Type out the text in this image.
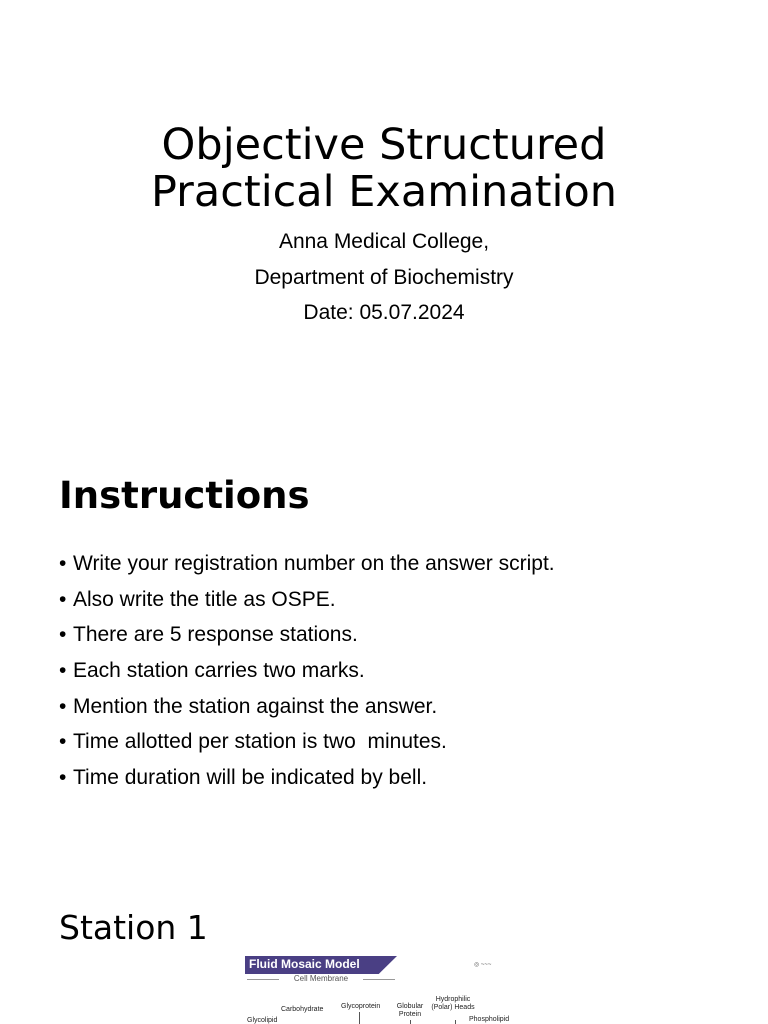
Objective Structured
Practical Examination
Anna Medical College,
Department of Biochemistry
Date: 05.07.2024
Instructions
• Write your registration number on the answer script.
• Also write the title as OSPE.
• There are 5 response stations.
• Each station carries two marks.
• Mention the station against the answer.
• Time allotted per station is two  minutes.
• Time duration will be indicated by bell.
Station 1
Fluid Mosaic Model
Cell Membrane
◎ ~~~
Carbohydrate	Glycoprotein	Globular Protein
Hydrophilic (Polar) Heads
Phospholipid
Glycolipid
